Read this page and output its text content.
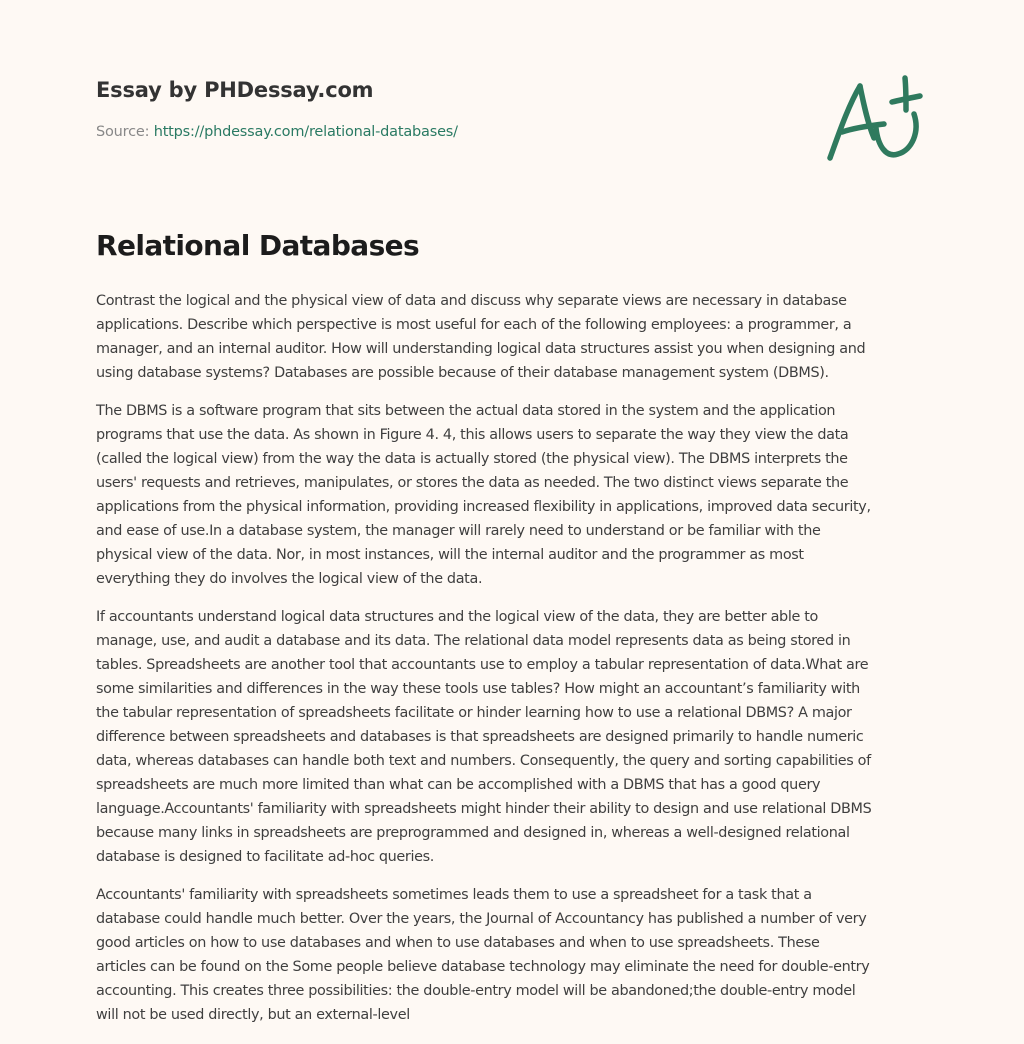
Essay by PHDessay.com
Source: https://phdessay.com/relational-databases/
Relational Databases

Contrast the logical and the physical view of data and discuss why separate views are necessary in database
applications. Describe which perspective is most useful for each of the following employees: a programmer, a
manager, and an internal auditor. How will understanding logical data structures assist you when designing and
using database systems? Databases are possible because of their database management system (DBMS).

The DBMS is a software program that sits between the actual data stored in the system and the application
programs that use the data. As shown in Figure 4. 4, this allows users to separate the way they view the data
(called the logical view) from the way the data is actually stored (the physical view). The DBMS interprets the
users' requests and retrieves, manipulates, or stores the data as needed. The two distinct views separate the
applications from the physical information, providing increased flexibility in applications, improved data security,
and ease of use.In a database system, the manager will rarely need to understand or be familiar with the
physical view of the data. Nor, in most instances, will the internal auditor and the programmer as most
everything they do involves the logical view of the data.

If accountants understand logical data structures and the logical view of the data, they are better able to
manage, use, and audit a database and its data. The relational data model represents data as being stored in
tables. Spreadsheets are another tool that accountants use to employ a tabular representation of data.What are
some similarities and differences in the way these tools use tables? How might an accountant’s familiarity with
the tabular representation of spreadsheets facilitate or hinder learning how to use a relational DBMS? A major
difference between spreadsheets and databases is that spreadsheets are designed primarily to handle numeric
data, whereas databases can handle both text and numbers. Consequently, the query and sorting capabilities of
spreadsheets are much more limited than what can be accomplished with a DBMS that has a good query
language.Accountants' familiarity with spreadsheets might hinder their ability to design and use relational DBMS
because many links in spreadsheets are preprogrammed and designed in, whereas a well-designed relational
database is designed to facilitate ad-hoc queries.

Accountants' familiarity with spreadsheets sometimes leads them to use a spreadsheet for a task that a
database could handle much better. Over the years, the Journal of Accountancy has published a number of very
good articles on how to use databases and when to use databases and when to use spreadsheets. These
articles can be found on the Some people believe database technology may eliminate the need for double-entry
accounting. This creates three possibilities: the double-entry model will be abandoned;the double-entry model
will not be used directly, but an external-level
